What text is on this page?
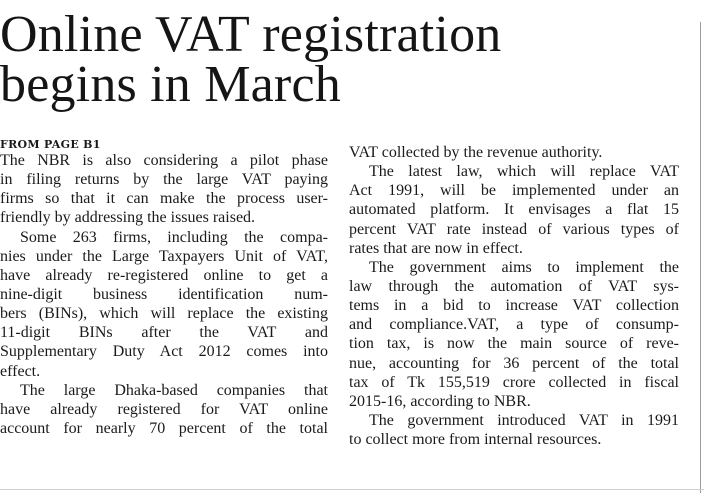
Online VAT registration
begins in March
FROM PAGE B1
The NBR is also considering a pilot phase
in filing returns by the large VAT paying
firms so that it can make the process user-
friendly by addressing the issues raised.
Some 263 firms, including the compa-
nies under the Large Taxpayers Unit of VAT,
have already re-registered online to get a
nine-digit business identification num-
bers (BINs), which will replace the existing
11-digit BINs after the VAT and
Supplementary Duty Act 2012 comes into
effect.
The large Dhaka-based companies that
have already registered for VAT online
account for nearly 70 percent of the total
VAT collected by the revenue authority.
The latest law, which will replace VAT
Act 1991, will be implemented under an
automated platform. It envisages a flat 15
percent VAT rate instead of various types of
rates that are now in effect.
The government aims to implement the
law through the automation of VAT sys-
tems in a bid to increase VAT collection
and compliance.VAT, a type of consump-
tion tax, is now the main source of reve-
nue, accounting for 36 percent of the total
tax of Tk 155,519 crore collected in fiscal
2015-16, according to NBR.
The government introduced VAT in 1991
to collect more from internal resources.
